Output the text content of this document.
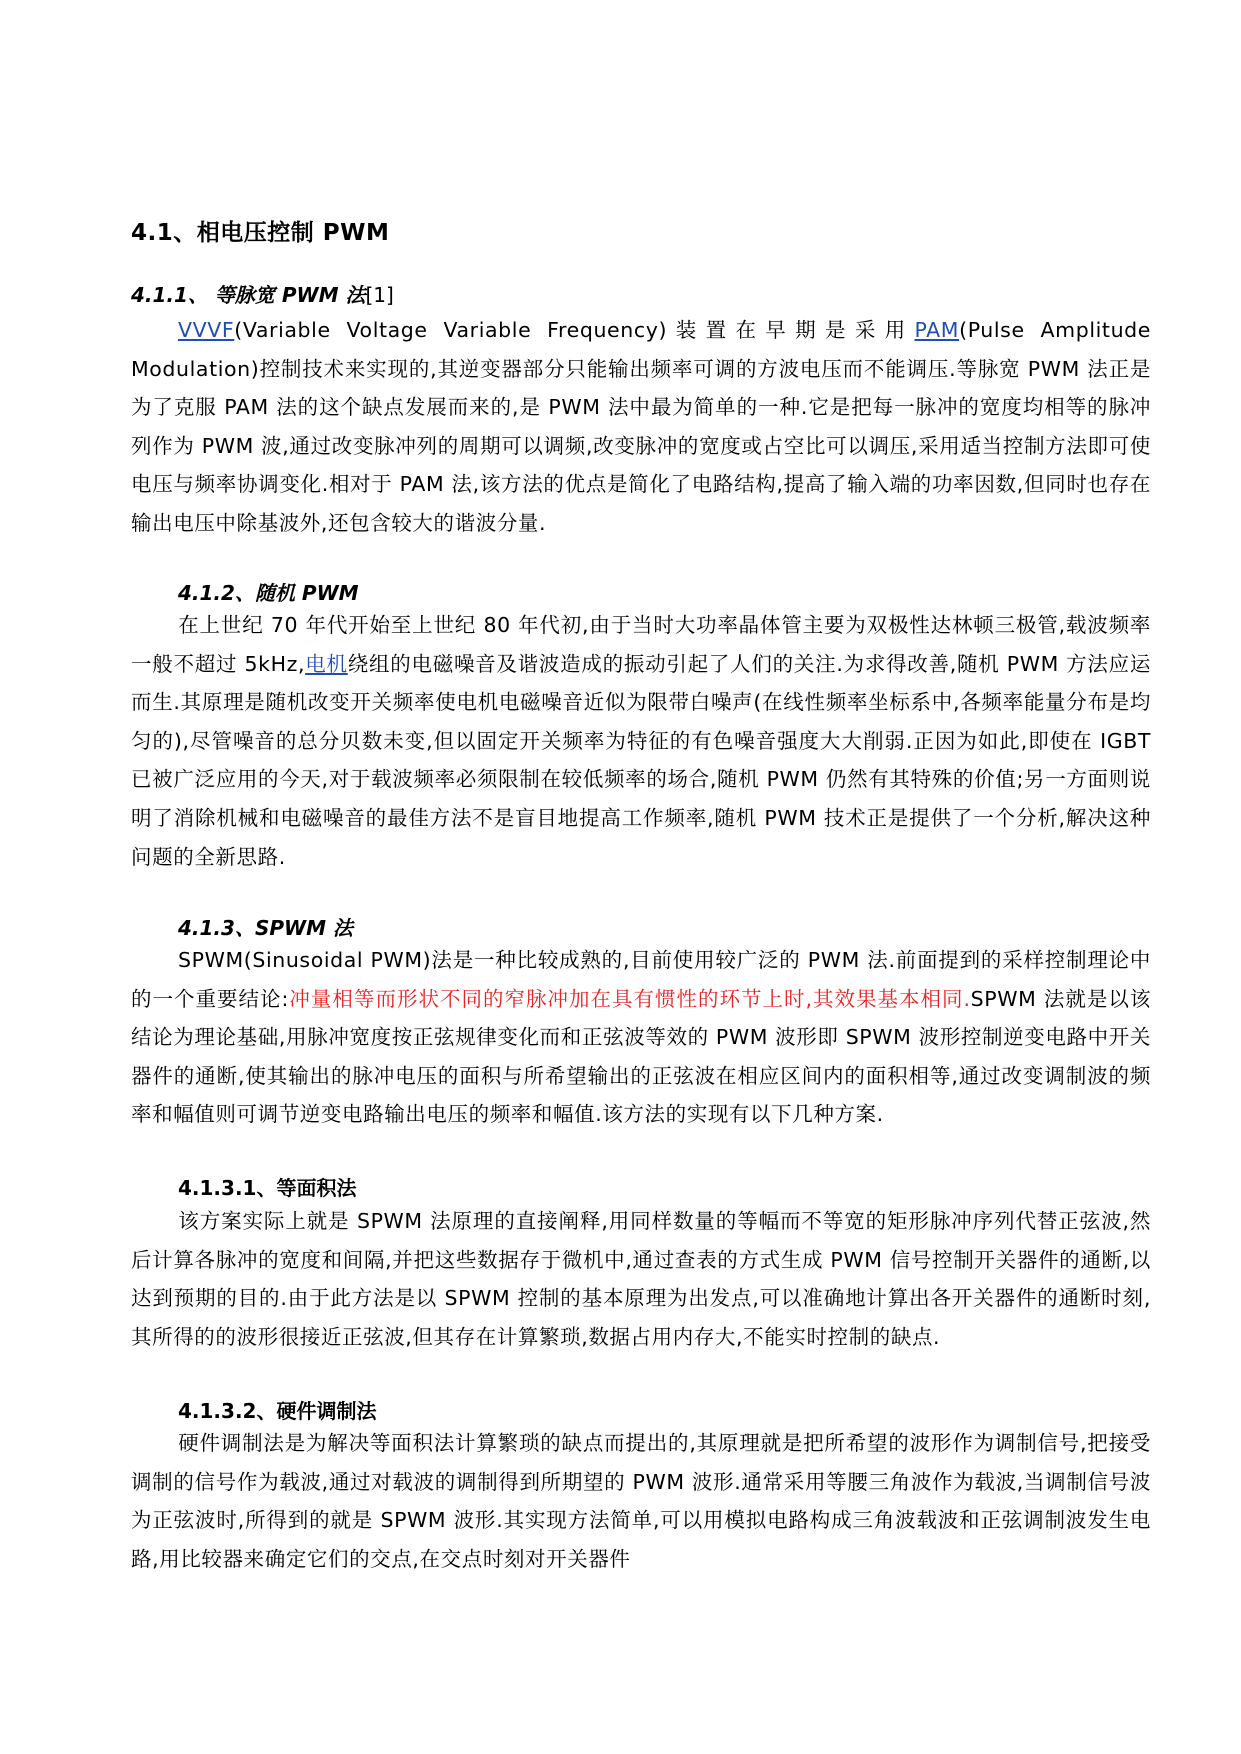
4.1、相电压控制 PWM
4.1.1、 等脉宽 PWM 法[1]

VVVF(Variable Voltage Variable Frequency)装置在早期是采用PAM(Pulse Amplitude Modulation)控制技术来实现的,其逆变器部分只能输出频率可调的方波电压而不能调压.等脉宽 PWM 法正是为了克服 PAM 法的这个缺点发展而来的,是 PWM 法中最为简单的一种.它是把每一脉冲的宽度均相等的脉冲列作为 PWM 波,通过改变脉冲列的周期可以调频,改变脉冲的宽度或占空比可以调压,采用适当控制方法即可使电压与频率协调变化.相对于 PAM 法,该方法的优点是简化了电路结构,提高了输入端的功率因数,但同时也存在输出电压中除基波外,还包含较大的谐波分量.

4.1.2、随机 PWM

在上世纪 70 年代开始至上世纪 80 年代初,由于当时大功率晶体管主要为双极性达林顿三极管,载波频率一般不超过 5kHz,电机绕组的电磁噪音及谐波造成的振动引起了人们的关注.为求得改善,随机 PWM 方法应运而生.其原理是随机改变开关频率使电机电磁噪音近似为限带白噪声(在线性频率坐标系中,各频率能量分布是均匀的),尽管噪音的总分贝数未变,但以固定开关频率为特征的有色噪音强度大大削弱.正因为如此,即使在 IGBT 已被广泛应用的今天,对于载波频率必须限制在较低频率的场合,随机 PWM 仍然有其特殊的价值;另一方面则说明了消除机械和电磁噪音的最佳方法不是盲目地提高工作频率,随机 PWM 技术正是提供了一个分析,解决这种问题的全新思路.

4.1.3、SPWM 法

SPWM(Sinusoidal PWM)法是一种比较成熟的,目前使用较广泛的 PWM 法.前面提到的采样控制理论中的一个重要结论:冲量相等而形状不同的窄脉冲加在具有惯性的环节上时,其效果基本相同.SPWM 法就是以该结论为理论基础,用脉冲宽度按正弦规律变化而和正弦波等效的 PWM 波形即 SPWM 波形控制逆变电路中开关器件的通断,使其输出的脉冲电压的面积与所希望输出的正弦波在相应区间内的面积相等,通过改变调制波的频率和幅值则可调节逆变电路输出电压的频率和幅值.该方法的实现有以下几种方案.

4.1.3.1、等面积法

该方案实际上就是 SPWM 法原理的直接阐释,用同样数量的等幅而不等宽的矩形脉冲序列代替正弦波,然后计算各脉冲的宽度和间隔,并把这些数据存于微机中,通过查表的方式生成 PWM 信号控制开关器件的通断,以达到预期的目的.由于此方法是以 SPWM 控制的基本原理为出发点,可以准确地计算出各开关器件的通断时刻,其所得的的波形很接近正弦波,但其存在计算繁琐,数据占用内存大,不能实时控制的缺点.

4.1.3.2、硬件调制法

硬件调制法是为解决等面积法计算繁琐的缺点而提出的,其原理就是把所希望的波形作为调制信号,把接受调制的信号作为载波,通过对载波的调制得到所期望的 PWM 波形.通常采用等腰三角波作为载波,当调制信号波为正弦波时,所得到的就是 SPWM 波形.其实现方法简单,可以用模拟电路构成三角波载波和正弦调制波发生电路,用比较器来确定它们的交点,在交点时刻对开关器件
